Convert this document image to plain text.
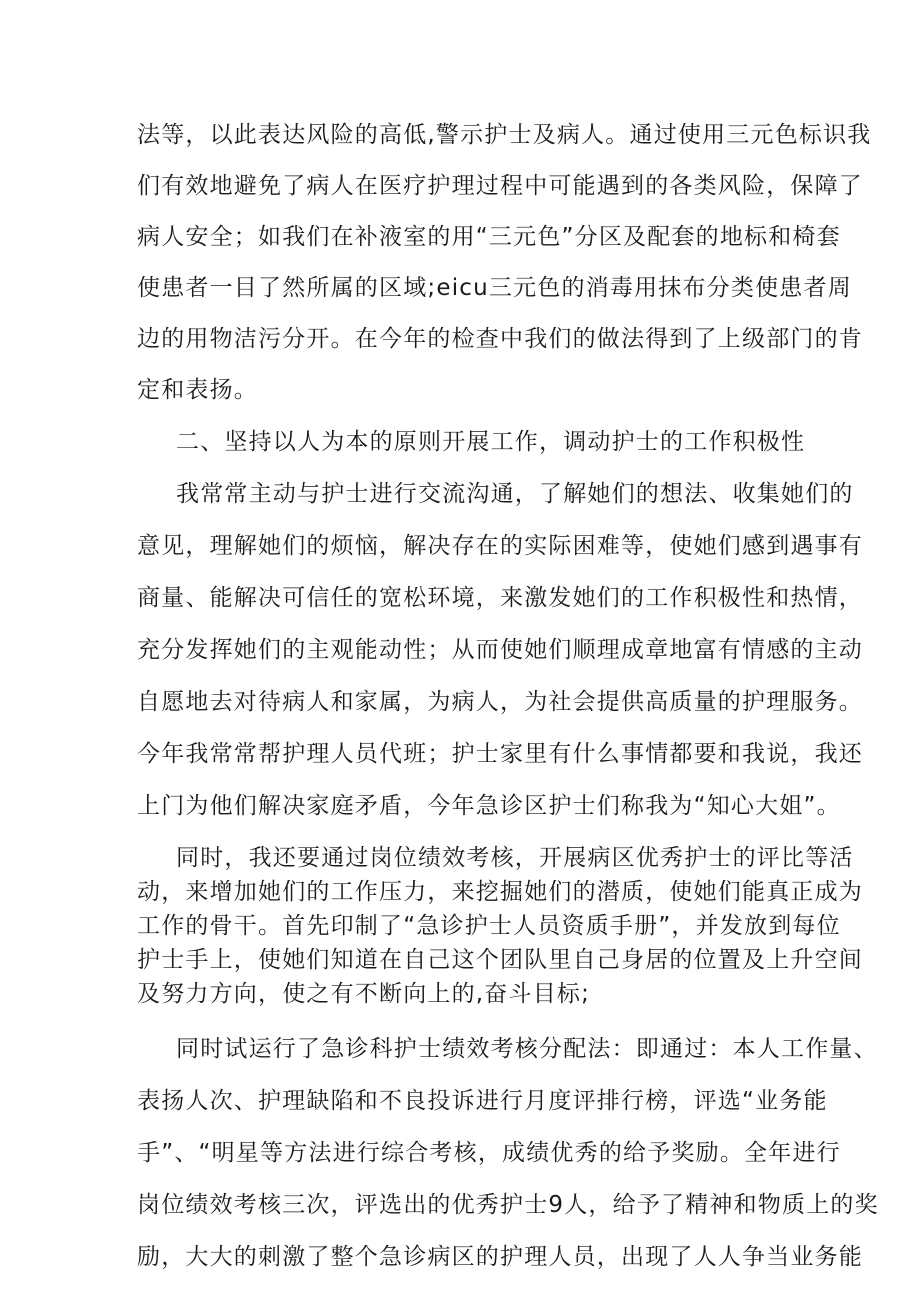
法等，以此表达风险的高低,警示护士及病人。通过使用三元色标识我
们有效地避免了病人在医疗护理过程中可能遇到的各类风险，保障了
病人安全；如我们在补液室的用“三元色”分区及配套的地标和椅套
使患者一目了然所属的区域;eicu三元色的消毒用抹布分类使患者周
边的用物洁污分开。在今年的检查中我们的做法得到了上级部门的肯
定和表扬。
二、坚持以人为本的原则开展工作，调动护士的工作积极性
我常常主动与护士进行交流沟通，了解她们的想法、收集她们的
意见，理解她们的烦恼，解决存在的实际困难等，使她们感到遇事有
商量、能解决可信任的宽松环境，来激发她们的工作积极性和热情，
充分发挥她们的主观能动性；从而使她们顺理成章地富有情感的主动
自愿地去对待病人和家属，为病人，为社会提供高质量的护理服务。
今年我常常帮护理人员代班；护士家里有什么事情都要和我说，我还
上门为他们解决家庭矛盾，今年急诊区护士们称我为“知心大姐”。
同时，我还要通过岗位绩效考核，开展病区优秀护士的评比等活
动，来增加她们的工作压力，来挖掘她们的潜质，使她们能真正成为
工作的骨干。首先印制了“急诊护士人员资质手册”，并发放到每位
护士手上，使她们知道在自己这个团队里自己身居的位置及上升空间
及努力方向，使之有不断向上的,奋斗目标;
同时试运行了急诊科护士绩效考核分配法：即通过：本人工作量、
表扬人次、护理缺陷和不良投诉进行月度评排行榜，评选“业务能
手”、“明星等方法进行综合考核，成绩优秀的给予奖励。全年进行
岗位绩效考核三次，评选出的优秀护士9人，给予了精神和物质上的奖
励，大大的刺激了整个急诊病区的护理人员，出现了人人争当业务能
